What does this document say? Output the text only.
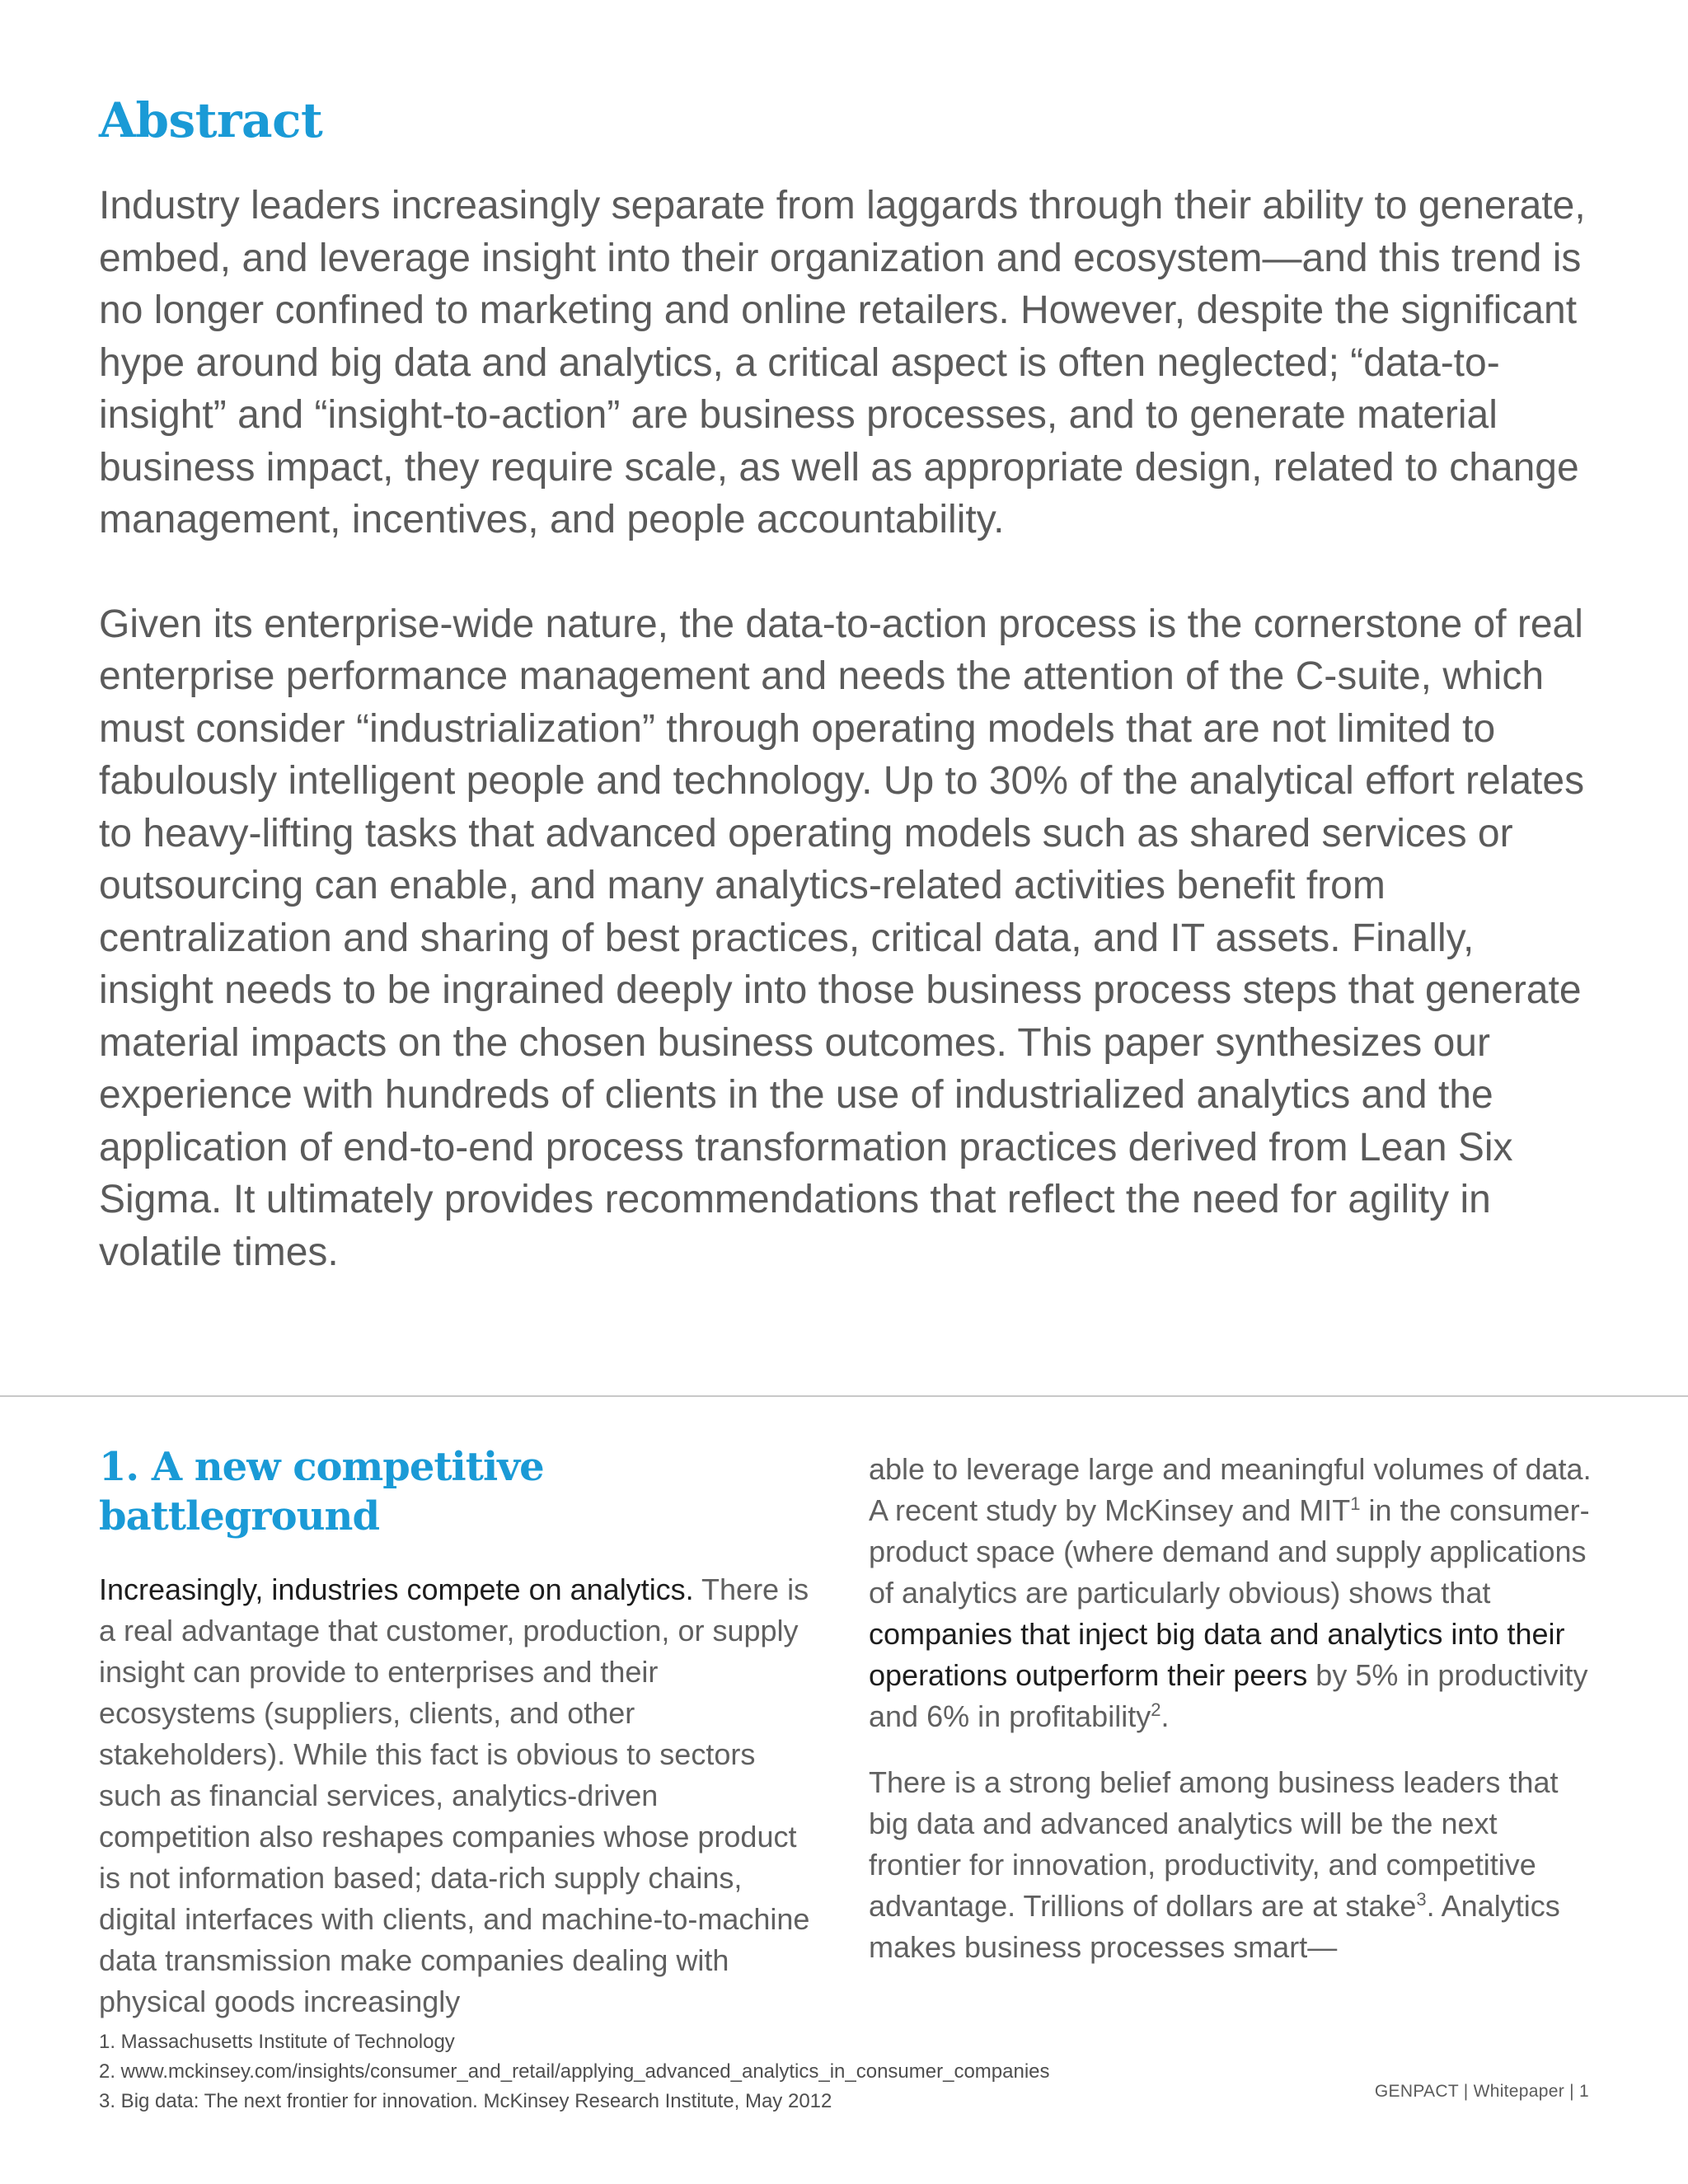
Abstract

Industry leaders increasingly separate from laggards through their ability to generate, embed, and leverage insight into their organization and ecosystem—and this trend is no longer confined to marketing and online retailers. However, despite the significant hype around big data and analytics, a critical aspect is often neglected; “data-to-insight” and “insight-to-action” are business processes, and to generate material business impact, they require scale, as well as appropriate design, related to change management, incentives, and people accountability.

Given its enterprise-wide nature, the data-to-action process is the cornerstone of real enterprise performance management and needs the attention of the C-suite, which must consider “industrialization” through operating models that are not limited to fabulously intelligent people and technology. Up to 30% of the analytical effort relates to heavy-lifting tasks that advanced operating models such as shared services or outsourcing can enable, and many analytics-related activities benefit from centralization and sharing of best practices, critical data, and IT assets. Finally, insight needs to be ingrained deeply into those business process steps that generate material impacts on the chosen business outcomes. This paper synthesizes our experience with hundreds of clients in the use of industrialized analytics and the application of end-to-end process transformation practices derived from Lean Six Sigma. It ultimately provides recommendations that reflect the need for agility in volatile times.

1. A new competitive battleground

Increasingly, industries compete on analytics. There is a real advantage that customer, production, or supply insight can provide to enterprises and their ecosystems (suppliers, clients, and other stakeholders). While this fact is obvious to sectors such as financial services, analytics-driven competition also reshapes companies whose product is not information based; data-rich supply chains, digital interfaces with clients, and machine-to-machine data transmission make companies dealing with physical goods increasingly

able to leverage large and meaningful volumes of data. A recent study by McKinsey and MIT$^1$ in the consumer-product space (where demand and supply applications of analytics are particularly obvious) shows that companies that inject big data and analytics into their operations outperform their peers by 5% in productivity and 6% in profitability$^2$.

There is a strong belief among business leaders that big data and advanced analytics will be the next frontier for innovation, productivity, and competitive advantage. Trillions of dollars are at stake$^3$. Analytics makes business processes smart—

1. Massachusetts Institute of Technology
2. www.mckinsey.com/insights/consumer_and_retail/applying_advanced_analytics_in_consumer_companies
3. Big data: The next frontier for innovation. McKinsey Research Institute, May 2012	GENPACT | Whitepaper | 1
